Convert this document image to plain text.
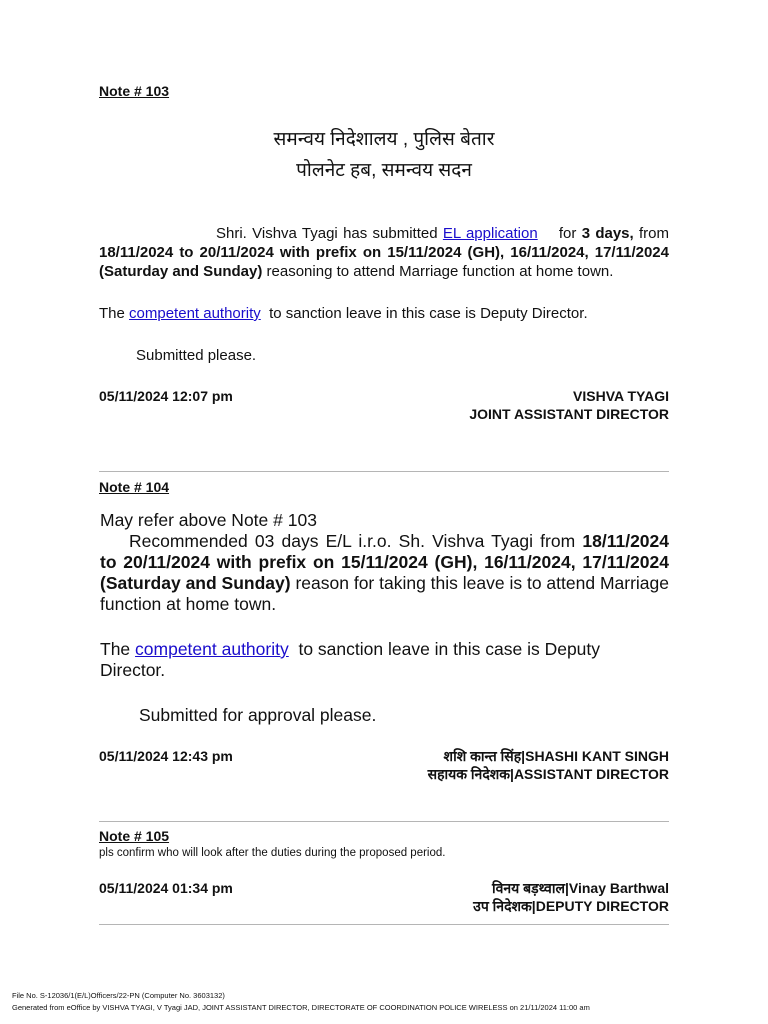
Note # 103
समन्वय निदेशालय , पुलिस बेतार
पोलनेट हब, समन्वय सदन

Shri. Vishva Tyagi has submitted EL application for 3 days, from 18/11/2024 to 20/11/2024 with prefix on 15/11/2024 (GH), 16/11/2024, 17/11/2024 (Saturday and Sunday) reasoning to attend Marriage function at home town.

The competent authority to sanction leave in this case is Deputy Director.

Submitted please.

05/11/2024 12:07 pm	VISHVA TYAGI
JOINT ASSISTANT DIRECTOR
Note # 104

May refer above Note # 103

Recommended 03 days E/L i.r.o. Sh. Vishva Tyagi from 18/11/2024 to 20/11/2024 with prefix on 15/11/2024 (GH), 16/11/2024, 17/11/2024 (Saturday and Sunday) reason for taking this leave is to attend Marriage function at home town.

The competent authority to sanction leave in this case is Deputy Director.

Submitted for approval please.

05/11/2024 12:43 pm	शशि कान्त सिंह|SHASHI KANT SINGH
सहायक निदेशक|ASSISTANT DIRECTOR
Note # 105
pls confirm who will look after the duties during the proposed period.
05/11/2024 01:34 pm	विनय बड़थ्वाल|Vinay Barthwal
उप निदेशक|DEPUTY DIRECTOR
File No. S-12036/1(E/L)Officers/22-PN (Computer No. 3603132)
Generated from eOffice by VISHVA TYAGI, V Tyagi JAD, JOINT ASSISTANT DIRECTOR, DIRECTORATE OF COORDINATION POLICE WIRELESS on 21/11/2024 11:00 am
